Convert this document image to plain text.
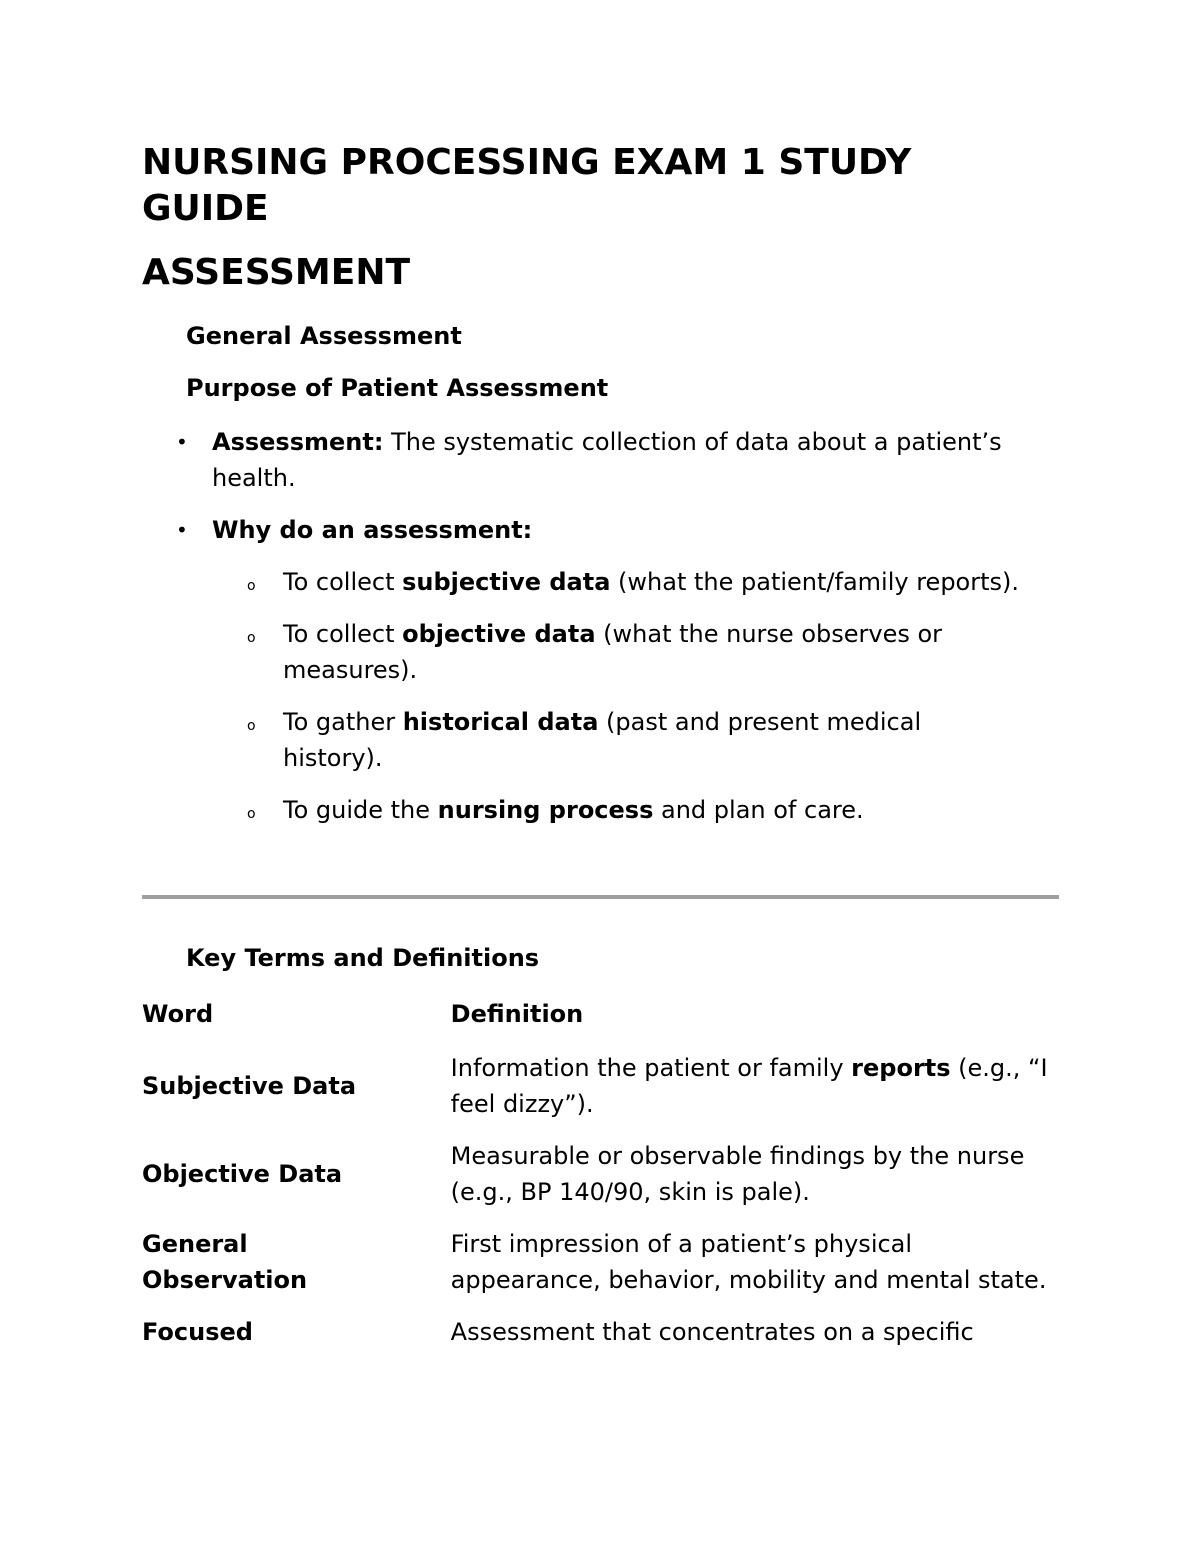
NURSING PROCESSING EXAM 1 STUDY GUIDE
ASSESSMENT
General Assessment
Purpose of Patient Assessment
• Assessment: The systematic collection of data about a patient’s health.
• Why do an assessment:
o To collect subjective data (what the patient/family reports).
o To collect objective data (what the nurse observes or measures).
o To gather historical data (past and present medical history).
o To guide the nursing process and plan of care.
Key Terms and Definitions
Word	Definition
Subjective Data	Information the patient or family reports (e.g., “I feel dizzy”).
Objective Data	Measurable or observable findings by the nurse (e.g., BP 140/90, skin is pale).
General Observation	First impression of a patient’s physical appearance, behavior, mobility and mental state.
Focused	Assessment that concentrates on a specific
